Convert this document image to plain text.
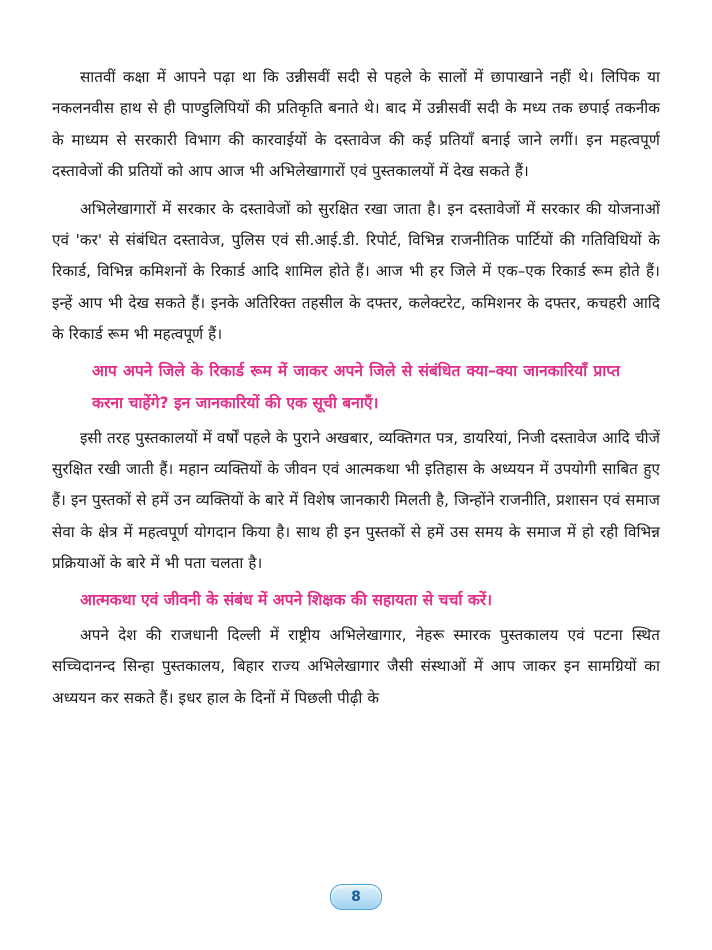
सातवीं कक्षा में आपने पढ़ा था कि उन्नीसवीं सदी से पहले के सालों में छापाखाने नहीं थे। लिपिक या नकलनवीस हाथ से ही पाण्डुलिपियों की प्रतिकृति बनाते थे। बाद में उन्नीसवीं सदी के मध्य तक छपाई तकनीक के माध्यम से सरकारी विभाग की कारवाईयों के दस्तावेज की कई प्रतियाँ बनाई जाने लगीं। इन महत्वपूर्ण दस्तावेजों की प्रतियों को आप आज भी अभिलेखागारों एवं पुस्तकालयों में देख सकते हैं।

अभिलेखागारों में सरकार के दस्तावेजों को सुरक्षित रखा जाता है। इन दस्तावेजों में सरकार की योजनाओं एवं 'कर' से संबंधित दस्तावेज, पुलिस एवं सी.आई.डी. रिपोर्ट, विभिन्न राजनीतिक पार्टियों की गतिविधियों के रिकार्ड, विभिन्न कमिशनों के रिकार्ड आदि शामिल होते हैं। आज भी हर जिले में एक–एक रिकार्ड रूम होते हैं। इन्हें आप भी देख सकते हैं। इनके अतिरिक्त तहसील के दफ्तर, कलेक्टरेट, कमिशनर के दफ्तर, कचहरी आदि के रिकार्ड रूम भी महत्वपूर्ण हैं।

आप अपने जिले के रिकार्ड रूम में जाकर अपने जिले से संबंधित क्या–क्या जानकारियाँ प्राप्त करना चाहेंगे? इन जानकारियों की एक सूची बनाएँ।

इसी तरह पुस्तकालयों में वर्षों पहले के पुराने अखबार, व्यक्तिगत पत्र, डायरियां, निजी दस्तावेज आदि चीजें सुरक्षित रखी जाती हैं। महान व्यक्तियों के जीवन एवं आत्मकथा भी इतिहास के अध्ययन में उपयोगी साबित हुए हैं। इन पुस्तकों से हमें उन व्यक्तियों के बारे में विशेष जानकारी मिलती है, जिन्होंने राजनीति, प्रशासन एवं समाज सेवा के क्षेत्र में महत्वपूर्ण योगदान किया है। साथ ही इन पुस्तकों से हमें उस समय के समाज में हो रही विभिन्न प्रक्रियाओं के बारे में भी पता चलता है।

आत्मकथा एवं जीवनी के संबंध में अपने शिक्षक की सहायता से चर्चा करें।

अपने देश की राजधानी दिल्ली में राष्ट्रीय अभिलेखागार, नेहरू स्मारक पुस्तकालय एवं पटना स्थित सच्चिदानन्द सिन्हा पुस्तकालय, बिहार राज्य अभिलेखागार जैसी संस्थाओं में आप जाकर इन सामग्रियों का अध्ययन कर सकते हैं। इधर हाल के दिनों में पिछली पीढ़ी के

8
